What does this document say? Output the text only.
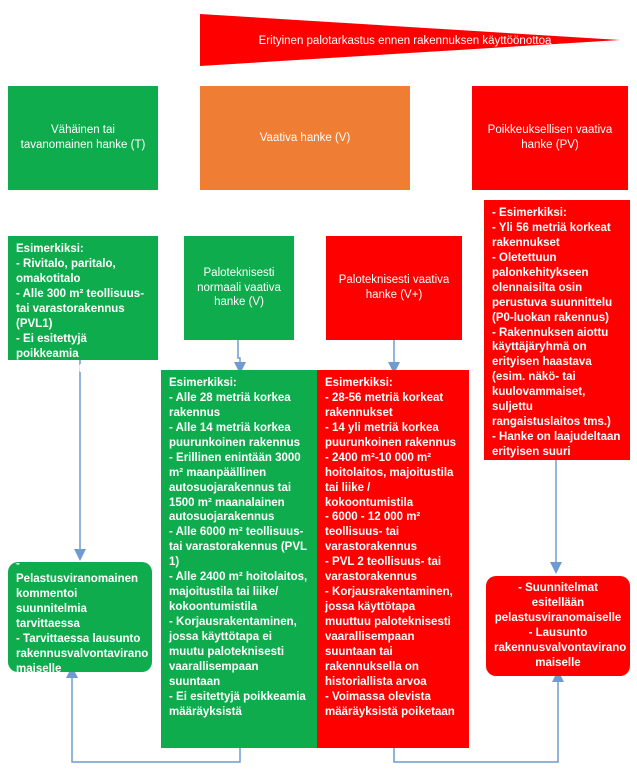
Erityinen palotarkastus ennen rakennuksen käyttöönottoa
Vähäinen tai tavanomainen hanke (T)
Vaativa hanke (V)
Poikkeuksellisen vaativa hanke (PV)
Esimerkiksi:
- Rivitalo, paritalo, omakotitalo
- Alle 300 m² teollisuus- tai varastorakennus (PVL1)
- Ei esitettyjä poikkeamia määräyksistä
Paloteknisesti normaali vaativa hanke (V)
Paloteknisesti vaativa hanke (V+)
- Esimerkiksi:
- Yli 56 metriä korkeat rakennukset
- Oletettuun palonkehitykseen olennaisilta osin perustuva suunnittelu (P0-luokan rakennus)
- Rakennuksen aiottu käyttäjäryhmä on erityisen haastava (esim. näkö- tai kuulovammaiset, suljettu rangaistuslaitos tms.)
- Hanke on laajudeltaan erityisen suuri
Esimerkiksi:
- Alle 28 metriä korkea rakennus
- Alle 14 metriä korkea puurunkoinen rakennus
- Erillinen enintään 3000 m² maanpäällinen autosuojarakennus tai 1500 m² maanalainen autosuojarakennus
- Alle 6000 m² teollisuus- tai varastorakennus (PVL 1)
- Alle 2400 m² hoitolaitos, majoitustila tai liike/ kokoontumistila
- Korjausrakentaminen, jossa käyttötapa ei muutu paloteknisesti vaarallisempaan suuntaan
- Ei esitettyjä poikkeamia määräyksistä
Esimerkiksi:
- 28-56 metriä korkeat rakennukset
- 14 yli metriä korkea puurunkoinen rakennus
- 2400 m²-10 000 m² hoitolaitos, majoitustila tai liike / kokoontumistila
- 6000 - 12 000 m² teollisuus- tai varastorakennus
- PVL 2 teollisuus- tai varastorakennus
- Korjausrakentaminen, jossa käyttötapa muuttuu paloteknisesti vaarallisempaan suuntaan tai rakennuksella on historiallista arvoa
- Voimassa olevista määräyksistä poiketaan
- Pelastusviranomainen kommentoi suunnitelmia tarvittaessa
- Tarvittaessa lausunto rakennusvalvontavirano maiselle
- Suunnitelmat esitellään pelastusviranomaiselle
- Lausunto rakennusvalvontavirano maiselle
